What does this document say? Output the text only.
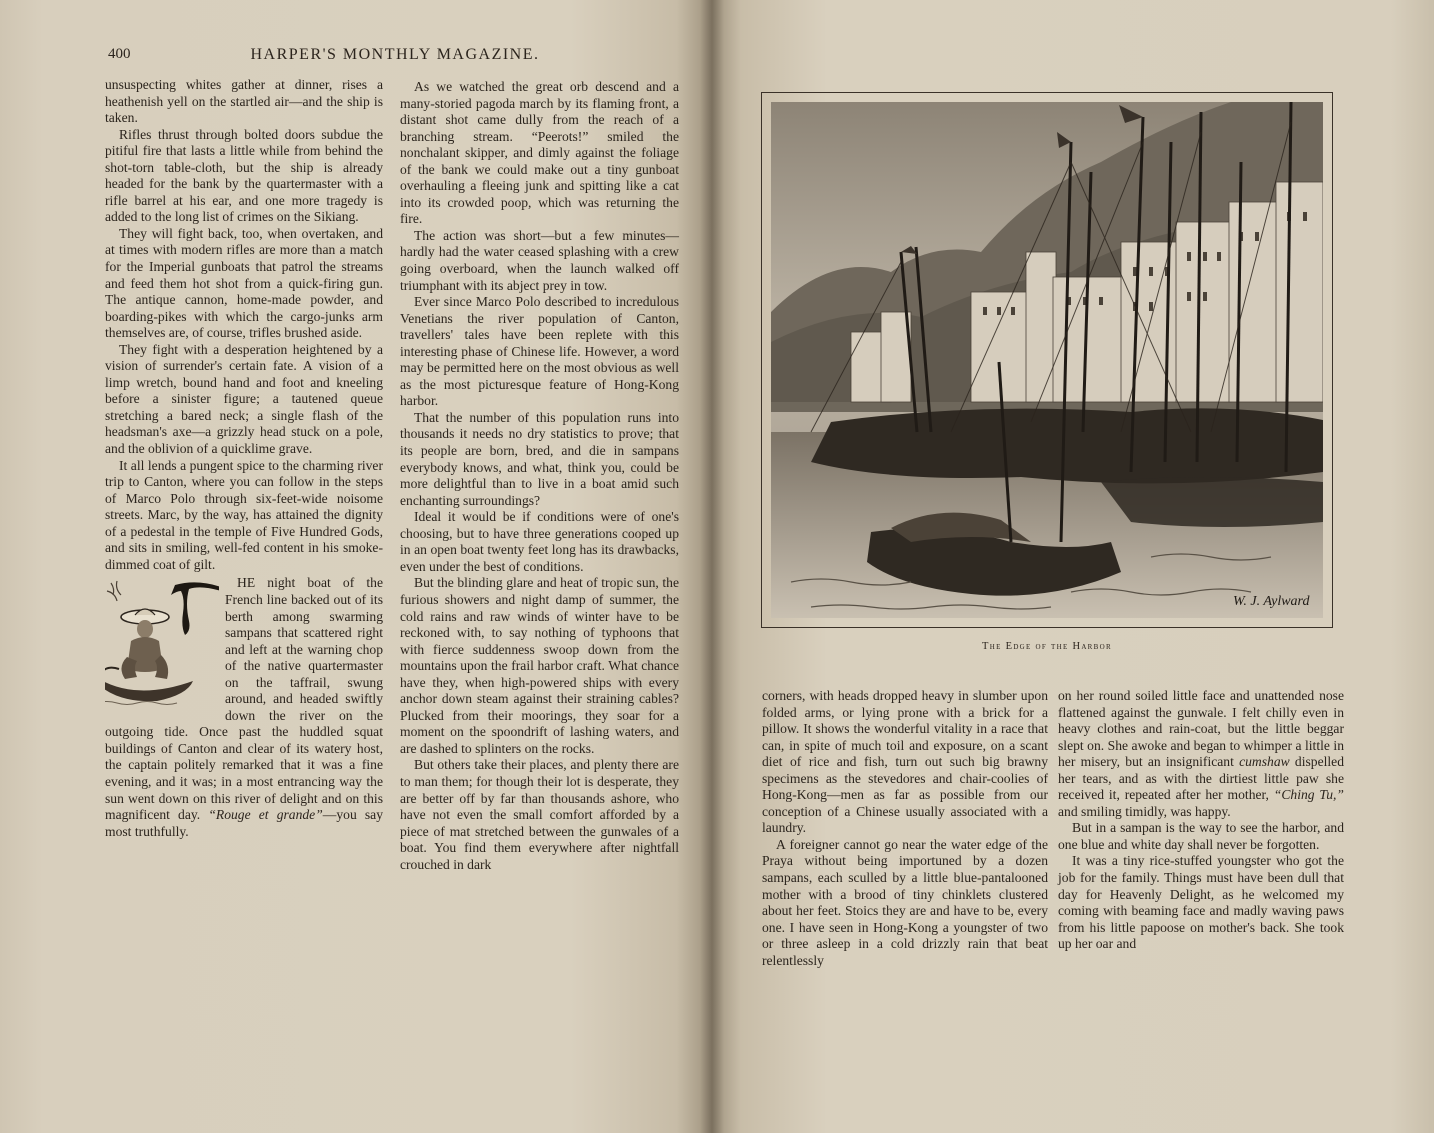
400	HARPER'S MONTHLY MAGAZINE.

unsuspecting whites gather at dinner, rises a heathenish yell on the startled air—and the ship is taken.

Rifles thrust through bolted doors subdue the pitiful fire that lasts a little while from behind the shot-torn table-cloth, but the ship is already headed for the bank by the quartermaster with a rifle barrel at his ear, and one more tragedy is added to the long list of crimes on the Sikiang.

They will fight back, too, when overtaken, and at times with modern rifles are more than a match for the Imperial gunboats that patrol the streams and feed them hot shot from a quick-firing gun. The antique cannon, home-made powder, and boarding-pikes with which the cargo-junks arm themselves are, of course, trifles brushed aside.

They fight with a desperation heightened by a vision of surrender's certain fate. A vision of a limp wretch, bound hand and foot and kneeling before a sinister figure; a tautened queue stretching a bared neck; a single flash of the headsman's axe—a grizzly head stuck on a pole, and the oblivion of a quicklime grave.

It all lends a pungent spice to the charming river trip to Canton, where you can follow in the steps of Marco Polo through six-feet-wide noisome streets. Marc, by the way, has attained the dignity of a pedestal in the temple of Five Hundred Gods, and sits in smiling, well-fed content in his smoke-dimmed coat of gilt.

HE night boat of the French line backed out of its berth among swarming sampans that scattered right and left at the warning chop of the native quartermaster on the taffrail, swung around, and headed swiftly down the river on the outgoing tide. Once past the huddled squat buildings of Canton and clear of its watery host, the captain politely remarked that it was a fine evening, and it was; in a most entrancing way the sun went down on this river of delight and on this magnificent day. “Rouge et grande”—you say most truthfully.

As we watched the great orb descend and a many-storied pagoda march by its flaming front, a distant shot came dully from the reach of a branching stream. “Peerots!” smiled the nonchalant skipper, and dimly against the foliage of the bank we could make out a tiny gunboat overhauling a fleeing junk and spitting like a cat into its crowded poop, which was returning the fire.

The action was short—but a few minutes—hardly had the water ceased splashing with a crew going overboard, when the launch walked off triumphant with its abject prey in tow.

Ever since Marco Polo described to incredulous Venetians the river population of Canton, travellers' tales have been replete with this interesting phase of Chinese life. However, a word may be permitted here on the most obvious as well as the most picturesque feature of Hong-Kong harbor.

That the number of this population runs into thousands it needs no dry statistics to prove; that its people are born, bred, and die in sampans everybody knows, and what, think you, could be more delightful than to live in a boat amid such enchanting surroundings?

Ideal it would be if conditions were of one's choosing, but to have three generations cooped up in an open boat twenty feet long has its drawbacks, even under the best of conditions.

But the blinding glare and heat of tropic sun, the furious showers and night damp of summer, the cold rains and raw winds of winter have to be reckoned with, to say nothing of typhoons that with fierce suddenness swoop down from the mountains upon the frail harbor craft. What chance have they, when high-powered ships with every anchor down steam against their straining cables? Plucked from their moorings, they soar for a moment on the spoondrift of lashing waters, and are dashed to splinters on the rocks.

But others take their places, and plenty there are to man them; for though their lot is desperate, they are better off by far than thousands ashore, who have not even the small comfort afforded by a piece of mat stretched between the gunwales of a boat. You find them everywhere after nightfall crouched in dark

W. J. Aylward
The Edge of the Harbor

corners, with heads dropped heavy in slumber upon folded arms, or lying prone with a brick for a pillow. It shows the wonderful vitality in a race that can, in spite of much toil and exposure, on a scant diet of rice and fish, turn out such big brawny specimens as the stevedores and chair-coolies of Hong-Kong—men as far as possible from our conception of a Chinese usually associated with a laundry.

A foreigner cannot go near the water edge of the Praya without being importuned by a dozen sampans, each sculled by a little blue-pantalooned mother with a brood of tiny chinklets clustered about her feet. Stoics they are and have to be, every one. I have seen in Hong-Kong a youngster of two or three asleep in a cold drizzly rain that beat relentlessly

on her round soiled little face and unattended nose flattened against the gunwale. I felt chilly even in heavy clothes and rain-coat, but the little beggar slept on. She awoke and began to whimper a little in her misery, but an insignificant cumshaw dispelled her tears, and as with the dirtiest little paw she received it, repeated after her mother, “Ching Tu,” and smiling timidly, was happy.

But in a sampan is the way to see the harbor, and one blue and white day shall never be forgotten.

It was a tiny rice-stuffed youngster who got the job for the family. Things must have been dull that day for Heavenly Delight, as he welcomed my coming with beaming face and madly waving paws from his little papoose on mother's back. She took up her oar and
